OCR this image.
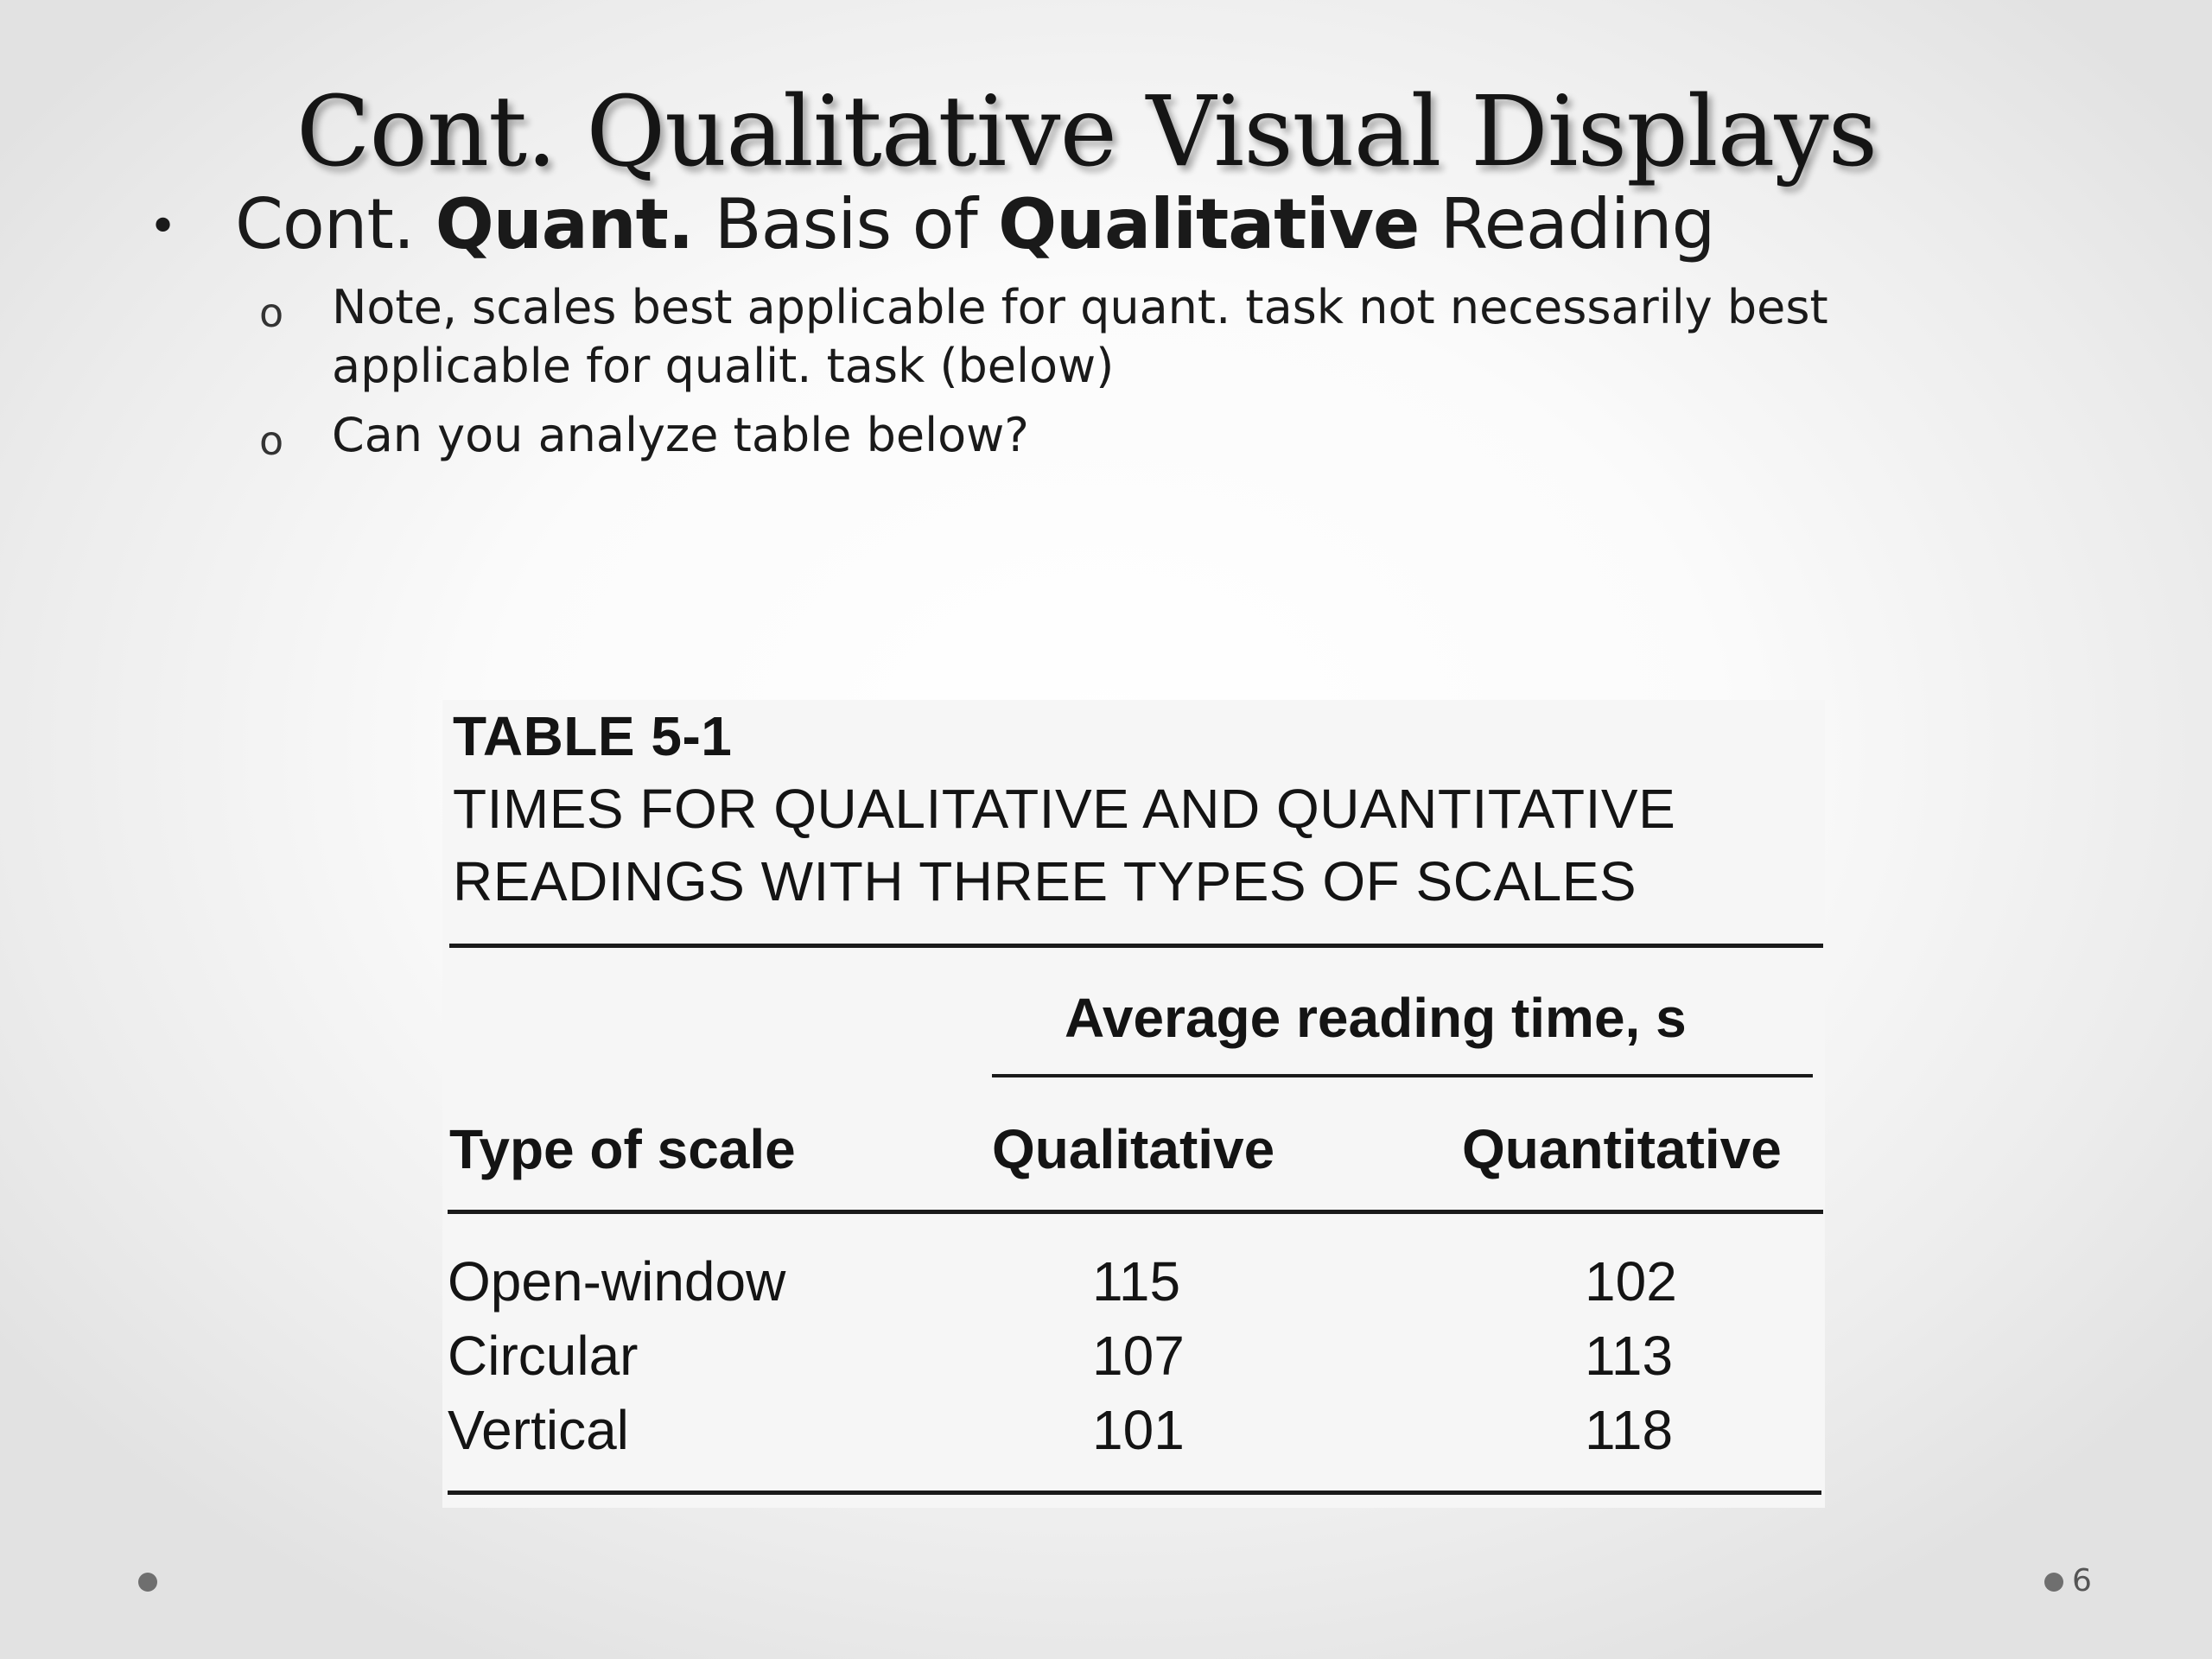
Cont. Qualitative Visual Displays
• Cont. Quant. Basis of Qualitative Reading
o Note, scales best applicable for quant. task not necessarily best
applicable for qualit. task (below)
o Can you analyze table below?
TABLE 5-1
TIMES FOR QUALITATIVE AND QUANTITATIVE
READINGS WITH THREE TYPES OF SCALES
Average reading time, s
Type of scale	Qualitative	Quantitative
Open-window	115	102
Circular	107	113
Vertical	101	118
6
